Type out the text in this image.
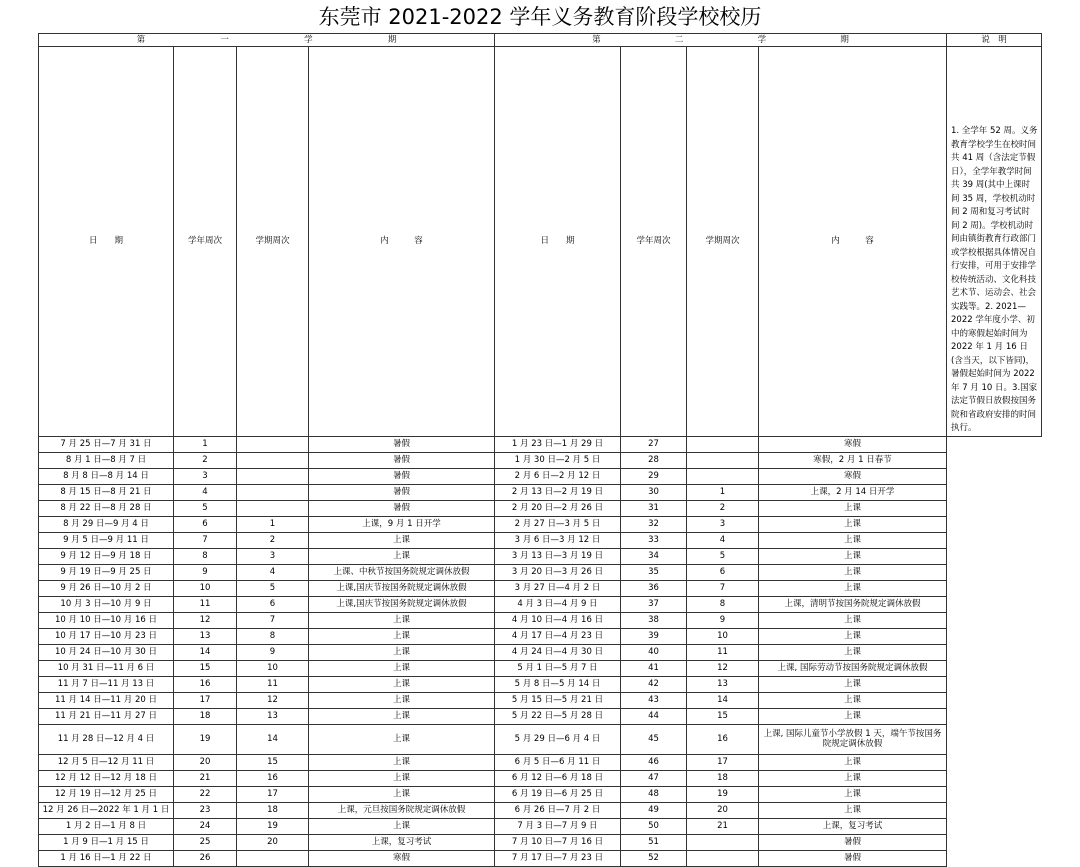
东莞市 2021-2022 学年义务教育阶段学校校历
第 一 学 期				第 二 学 期				说　明
日　　期	学年周次	学期周次	内　　　容	日　　期	学年周次	学期周次	内　　　容	1. 全学年 52 周。义务教育学校学生在校时间共 41 周（含法定节假日），全学年教学时间共 39 周(其中上课时间 35 周，学校机动时间 2 周和复习考试时间 2 周)。学校机动时间由镇街教育行政部门或学校根据具体情况自行安排，可用于安排学校传统活动、文化科技艺术节、运动会、社会实践等。2. 2021—2022 学年度小学、初中的寒假起始时间为 2022 年 1 月 16 日(含当天，以下皆同)，暑假起始时间为 2022 年 7 月 10 日。3.国家法定节假日放假按国务院和省政府安排的时间执行。
7 月 25 日—7 月 31 日	1		暑假	1 月 23 日—1 月 29 日	27		寒假	
8 月 1 日—8 月 7 日	2		暑假	1 月 30 日—2 月 5 日	28		寒假，2 月 1 日春节	
8 月 8 日—8 月 14 日	3		暑假	2 月 6 日—2 月 12 日	29		寒假	
8 月 15 日—8 月 21 日	4		暑假	2 月 13 日—2 月 19 日	30	1	上课，2 月 14 日开学	
8 月 22 日—8 月 28 日	5		暑假	2 月 20 日—2 月 26 日	31	2	上课	
8 月 29 日—9 月 4 日	6	1	上课，9 月 1 日开学	2 月 27 日—3 月 5 日	32	3	上课	
9 月 5 日—9 月 11 日	7	2	上课	3 月 6 日—3 月 12 日	33	4	上课	
9 月 12 日—9 月 18 日	8	3	上课	3 月 13 日—3 月 19 日	34	5	上课	
9 月 19 日—9 月 25 日	9	4	上课、中秋节按国务院规定调休放假	3 月 20 日—3 月 26 日	35	6	上课	
9 月 26 日—10 月 2 日	10	5	上课,国庆节按国务院规定调休放假	3 月 27 日—4 月 2 日	36	7	上课	
10 月 3 日—10 月 9 日	11	6	上课,国庆节按国务院规定调休放假	4 月 3 日—4 月 9 日	37	8	上课，清明节按国务院规定调休放假	
10 月 10 日—10 月 16 日	12	7	上课	4 月 10 日—4 月 16 日	38	9	上课	
10 月 17 日—10 月 23 日	13	8	上课	4 月 17 日—4 月 23 日	39	10	上课	
10 月 24 日—10 月 30 日	14	9	上课	4 月 24 日—4 月 30 日	40	11	上课	
10 月 31 日—11 月 6 日	15	10	上课	5 月 1 日—5 月 7 日	41	12	上课, 国际劳动节按国务院规定调休放假	
11 月 7 日—11 月 13 日	16	11	上课	5 月 8 日—5 月 14 日	42	13	上课	
11 月 14 日—11 月 20 日	17	12	上课	5 月 15 日—5 月 21 日	43	14	上课	
11 月 21 日—11 月 27 日	18	13	上课	5 月 22 日—5 月 28 日	44	15	上课	
11 月 28 日—12 月 4 日	19	14	上课	5 月 29 日—6 月 4 日	45	16	上课, 国际儿童节小学放假 1 天，端午节按国务院规定调休放假	
12 月 5 日—12 月 11 日	20	15	上课	6 月 5 日—6 月 11 日	46	17	上课	
12 月 12 日—12 月 18 日	21	16	上课	6 月 12 日—6 月 18 日	47	18	上课	
12 月 19 日—12 月 25 日	22	17	上课	6 月 19 日—6 月 25 日	48	19	上课	
12 月 26 日—2022 年 1 月 1 日	23	18	上课，元旦按国务院规定调休放假	6 月 26 日—7 月 2 日	49	20	上课	
1 月 2 日—1 月 8 日	24	19	上课	7 月 3 日—7 月 9 日	50	21	上课，复习考试	
1 月 9 日—1 月 15 日	25	20	上课，复习考试	7 月 10 日—7 月 16 日	51		暑假	
1 月 16 日—1 月 22 日	26		寒假	7 月 17 日—7 月 23 日	52		暑假	
